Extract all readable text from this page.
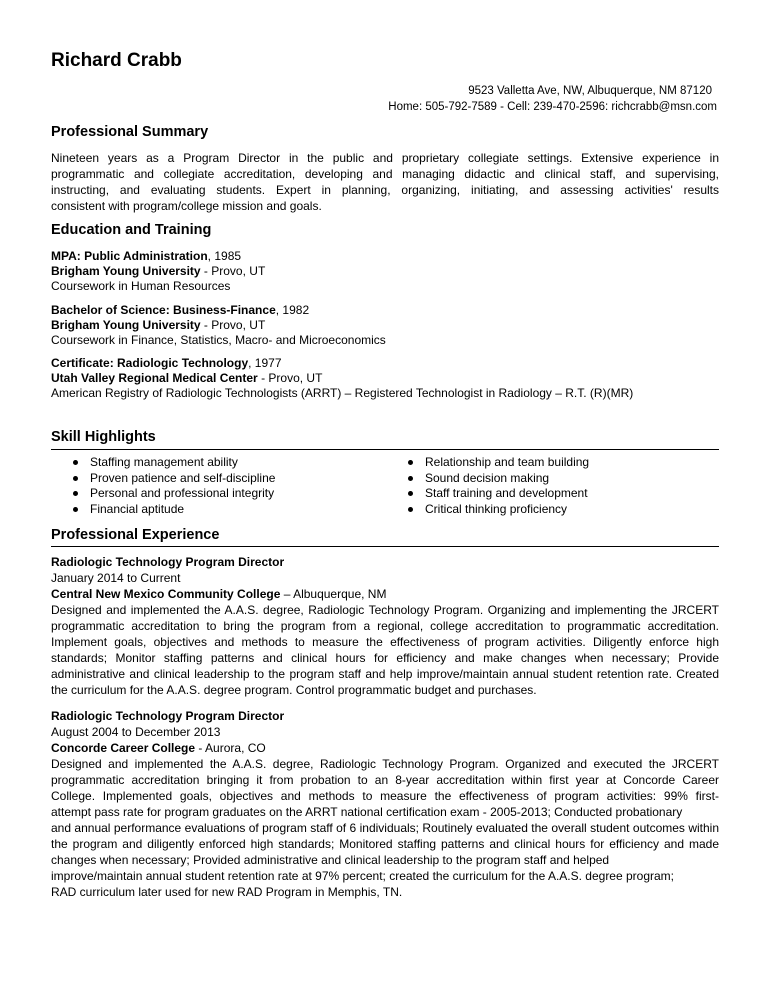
Richard Crabb
9523 Valletta Ave, NW, Albuquerque, NM 87120
Home: 505-792-7589 - Cell: 239-470-2596: richcrabb@msn.com
Professional Summary
Nineteen years as a Program Director in the public and proprietary collegiate settings. Extensive experience in
programmatic and collegiate accreditation, developing and managing didactic and clinical staff, and supervising,
instructing, and evaluating students. Expert in planning, organizing, initiating, and assessing activities' results
consistent with program/college mission and goals.
Education and Training
MPA: Public Administration, 1985
Brigham Young University - Provo, UT
Coursework in Human Resources
Bachelor of Science: Business-Finance, 1982
Brigham Young University - Provo, UT
Coursework in Finance, Statistics, Macro- and Microeconomics
Certificate: Radiologic Technology, 1977
Utah Valley Regional Medical Center - Provo, UT
American Registry of Radiologic Technologists (ARRT) – Registered Technologist in Radiology – R.T. (R)(MR)
Skill Highlights
Staffing management ability
Proven patience and self-discipline
Personal and professional integrity
Financial aptitude
Relationship and team building
Sound decision making
Staff training and development
Critical thinking proficiency
Professional Experience
Radiologic Technology Program Director
January 2014 to Current
Central New Mexico Community College – Albuquerque, NM
Designed and implemented the A.A.S. degree, Radiologic Technology Program. Organizing and implementing the JRCERT
programmatic accreditation to bring the program from a regional, college accreditation to programmatic accreditation.
Implement goals, objectives and methods to measure the effectiveness of program activities. Diligently enforce high
standards; Monitor staffing patterns and clinical hours for efficiency and make changes when necessary; Provide
administrative and clinical leadership to the program staff and help improve/maintain annual student retention rate. Created
the curriculum for the A.A.S. degree program. Control programmatic budget and purchases.
Radiologic Technology Program Director
August 2004 to December 2013
Concorde Career College - Aurora, CO
Designed and implemented the A.A.S. degree, Radiologic Technology Program. Organized and executed the JRCERT
programmatic accreditation bringing it from probation to an 8-year accreditation within first year at Concorde Career
College. Implemented goals, objectives and methods to measure the effectiveness of program activities: 99% first-
attempt pass rate for program graduates on the ARRT national certification exam - 2005-2013; Conducted probationary
and annual performance evaluations of program staff of 6 individuals; Routinely evaluated the overall student outcomes within
the program and diligently enforced high standards; Monitored staffing patterns and clinical hours for efficiency and made
changes when necessary; Provided administrative and clinical leadership to the program staff and helped
improve/maintain annual student retention rate at 97% percent; created the curriculum for the A.A.S. degree program;
RAD curriculum later used for new RAD Program in Memphis, TN.
